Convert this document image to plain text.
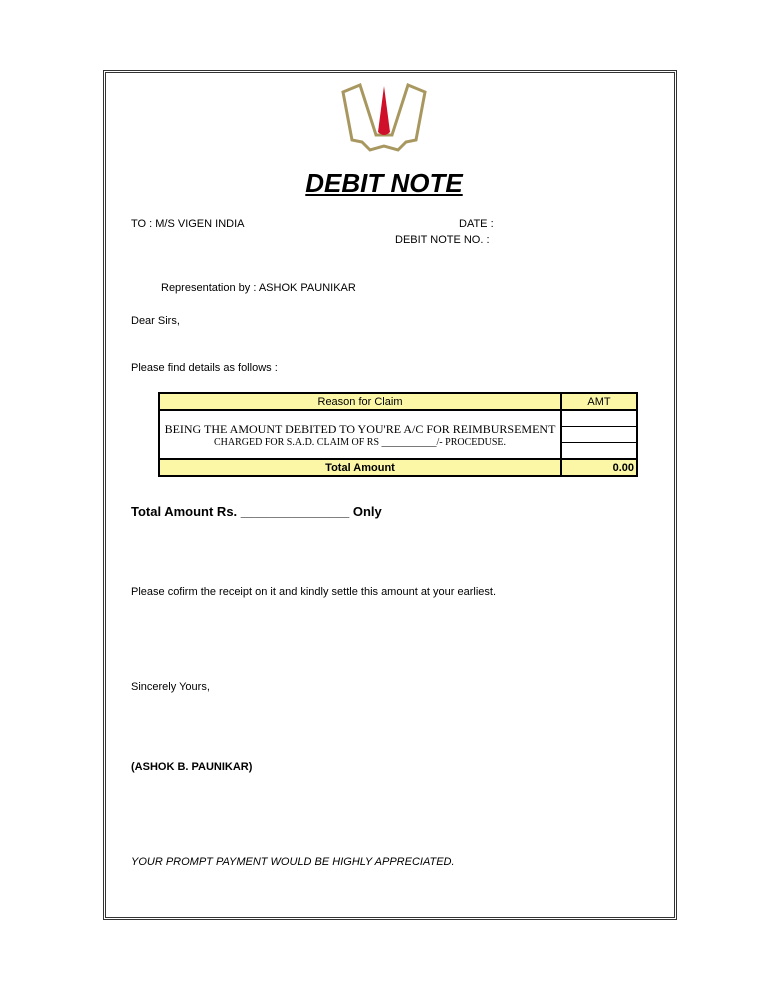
DEBIT NOTE
TO : M/S VIGEN INDIA	DATE :
DEBIT NOTE NO. :
Representation by : ASHOK PAUNIKAR
Dear Sirs,
Please find details as follows :
Reason for Claim	AMT

BEING THE AMOUNT DEBITED TO YOU'RE A/C FOR REIMBURSEMENT
CHARGED FOR S.A.D. CLAIM OF RS ___________/- PROCEDUSE.	

Total Amount	0.00
Total Amount Rs. _______________ Only
Please cofirm the receipt on it and kindly settle this amount at your earliest.
Sincerely Yours,
(ASHOK B. PAUNIKAR)
YOUR PROMPT PAYMENT WOULD BE HIGHLY APPRECIATED.
